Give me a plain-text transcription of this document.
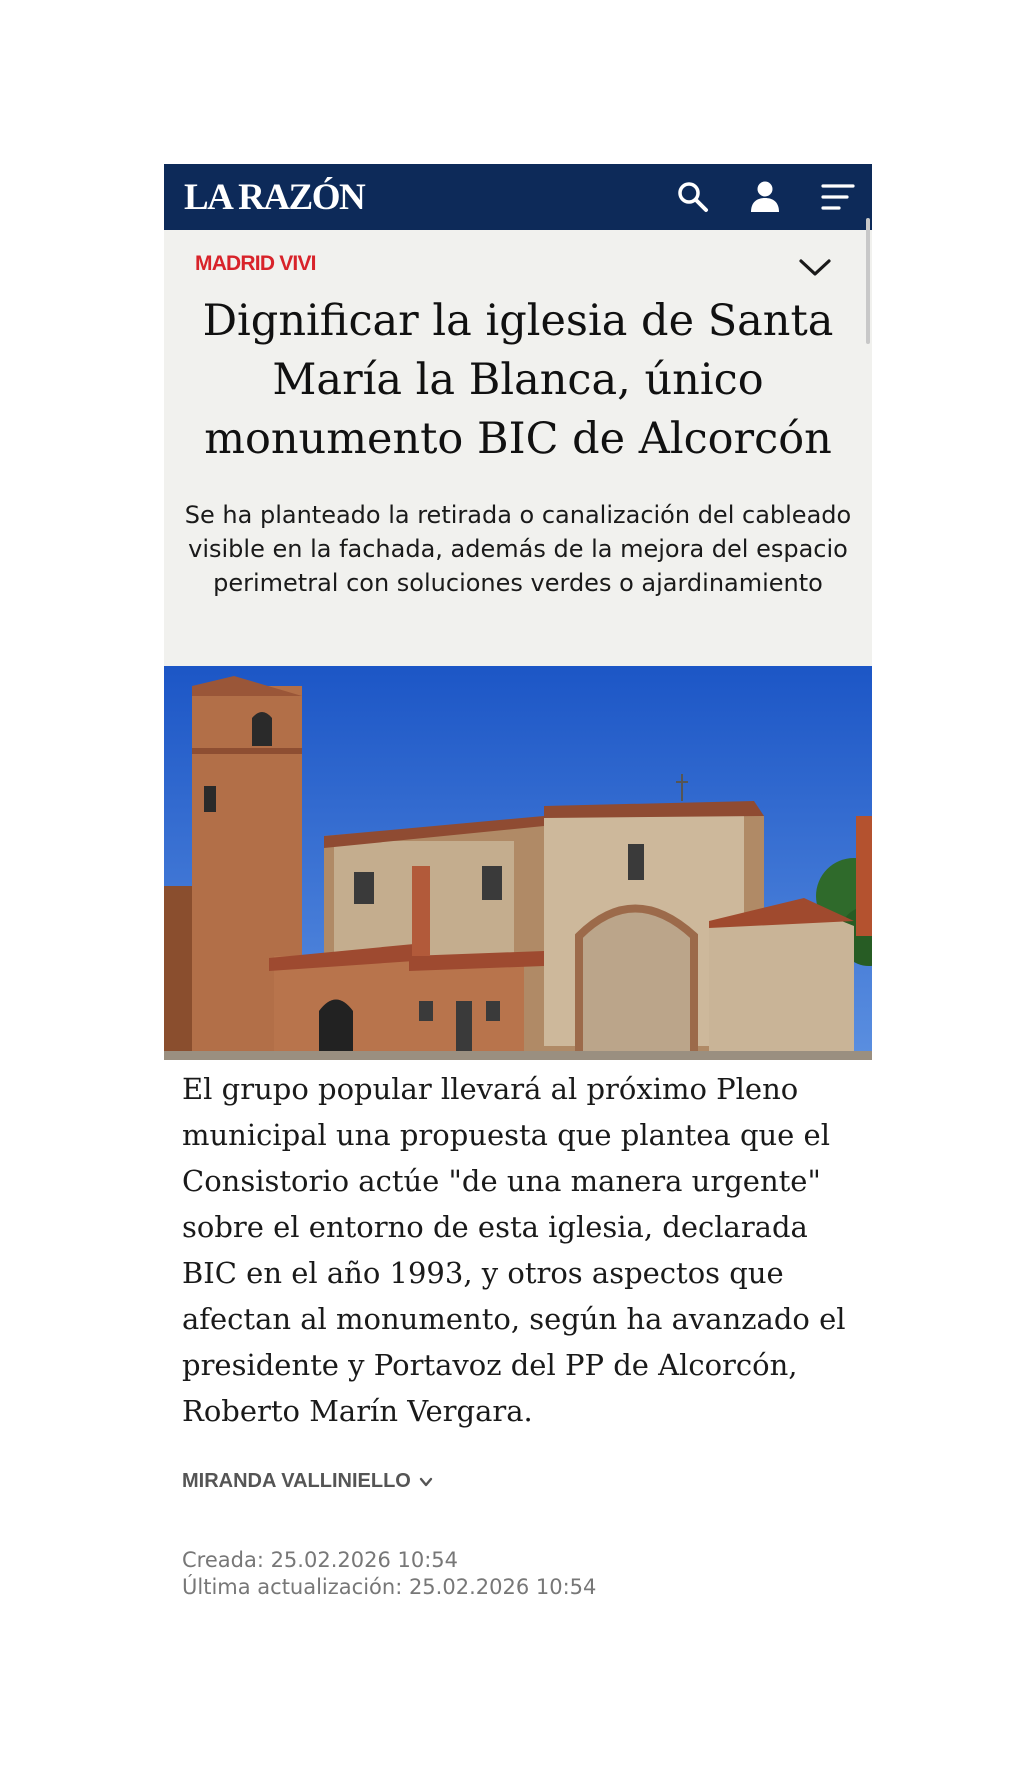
LA RAZÓN
MADRID VIVI
Dignificar la iglesia de Santa María la Blanca, único monumento BIC de Alcorcón

Se ha planteado la retirada o canalización del cableado visible en la fachada, además de la mejora del espacio perimetral con soluciones verdes o ajardinamiento

El grupo popular llevará al próximo Pleno municipal una propuesta que plantea que el Consistorio actúe "de una manera urgente" sobre el entorno de esta iglesia, declarada BIC en el año 1993, y otros aspectos que afectan al monumento, según ha avanzado el presidente y Portavoz del PP de Alcorcón, Roberto Marín Vergara.

MIRANDA VALLINIELLO
Creada: 25.02.2026 10:54
Última actualización: 25.02.2026 10:54
